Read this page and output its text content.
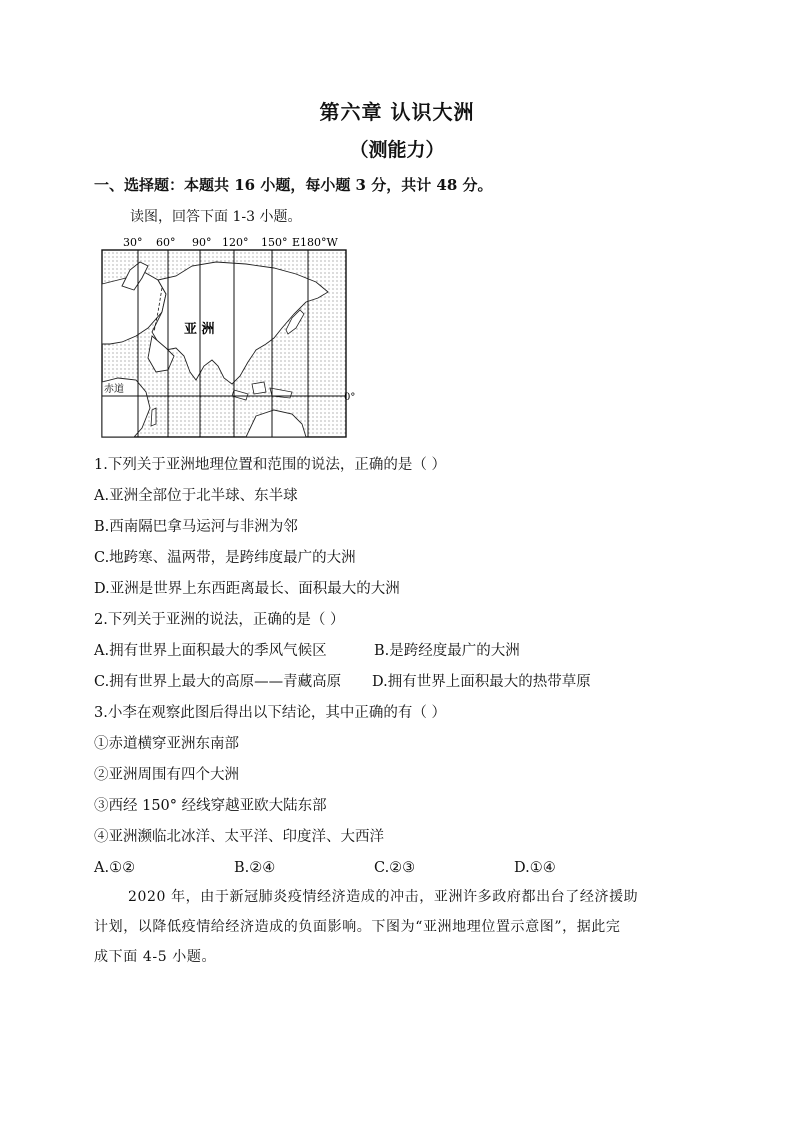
第六章 认识大洲
（测能力）
一、选择题：本题共 16 小题，每小题 3 分，共计 48 分。
读图，回答下面 1-3 小题。
30° 60° 90° 120° 150° E180°W
亚 洲
赤道
0°
1.下列关于亚洲地理位置和范围的说法，正确的是（ ）
A.亚洲全部位于北半球、东半球
B.西南隔巴拿马运河与非洲为邻
C.地跨寒、温两带，是跨纬度最广的大洲
D.亚洲是世界上东西距离最长、面积最大的大洲
2.下列关于亚洲的说法，正确的是（ ）
A.拥有世界上面积最大的季风气候区	B.是跨经度最广的大洲
C.拥有世界上最大的高原——青藏高原	D.拥有世界上面积最大的热带草原
3.小李在观察此图后得出以下结论，其中正确的有（ ）
①赤道横穿亚洲东南部
②亚洲周围有四个大洲
③西经 150° 经线穿越亚欧大陆东部
④亚洲濒临北冰洋、太平洋、印度洋、大西洋
A.①②	B.②④	C.②③	D.①④
2020 年，由于新冠肺炎疫情经济造成的冲击，亚洲许多政府都出台了经济援助
计划，以降低疫情给经济造成的负面影响。下图为“亚洲地理位置示意图”，据此完
成下面 4-5 小题。
